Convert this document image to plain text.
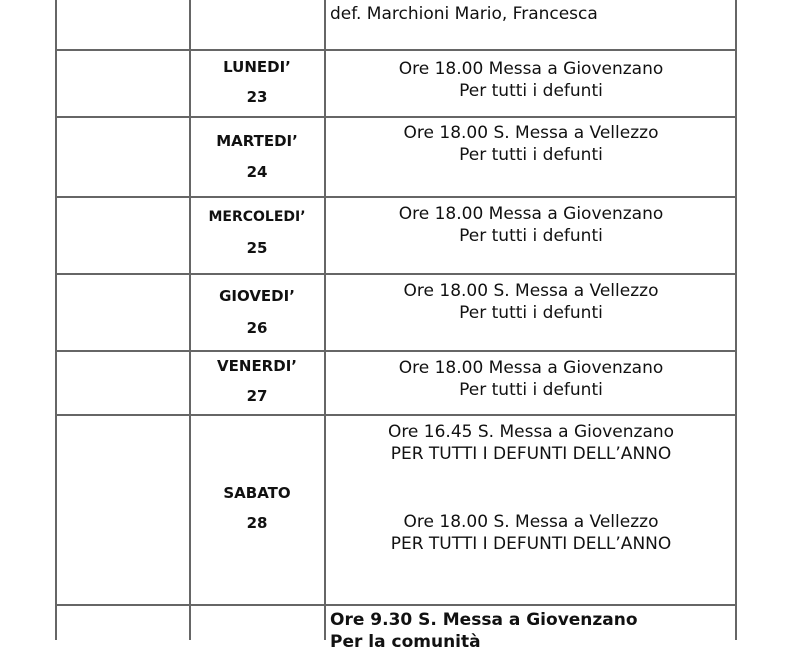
def. Marchioni Mario, Francesca
LUNEDI’
23
Ore 18.00 Messa a Giovenzano
Per tutti i defunti
MARTEDI’
24
Ore 18.00 S. Messa a Vellezzo
Per tutti i defunti
MERCOLEDI’
25
Ore 18.00 Messa a Giovenzano
Per tutti i defunti
GIOVEDI’
26
Ore 18.00 S. Messa a Vellezzo
Per tutti i defunti
VENERDI’
27
Ore 18.00 Messa a Giovenzano
Per tutti i defunti
SABATO
28
Ore 16.45 S. Messa a Giovenzano
PER TUTTI I DEFUNTI DELL’ANNO
Ore 18.00 S. Messa a Vellezzo
PER TUTTI I DEFUNTI DELL’ANNO
Ore 9.30 S. Messa a Giovenzano
Per la comunità
